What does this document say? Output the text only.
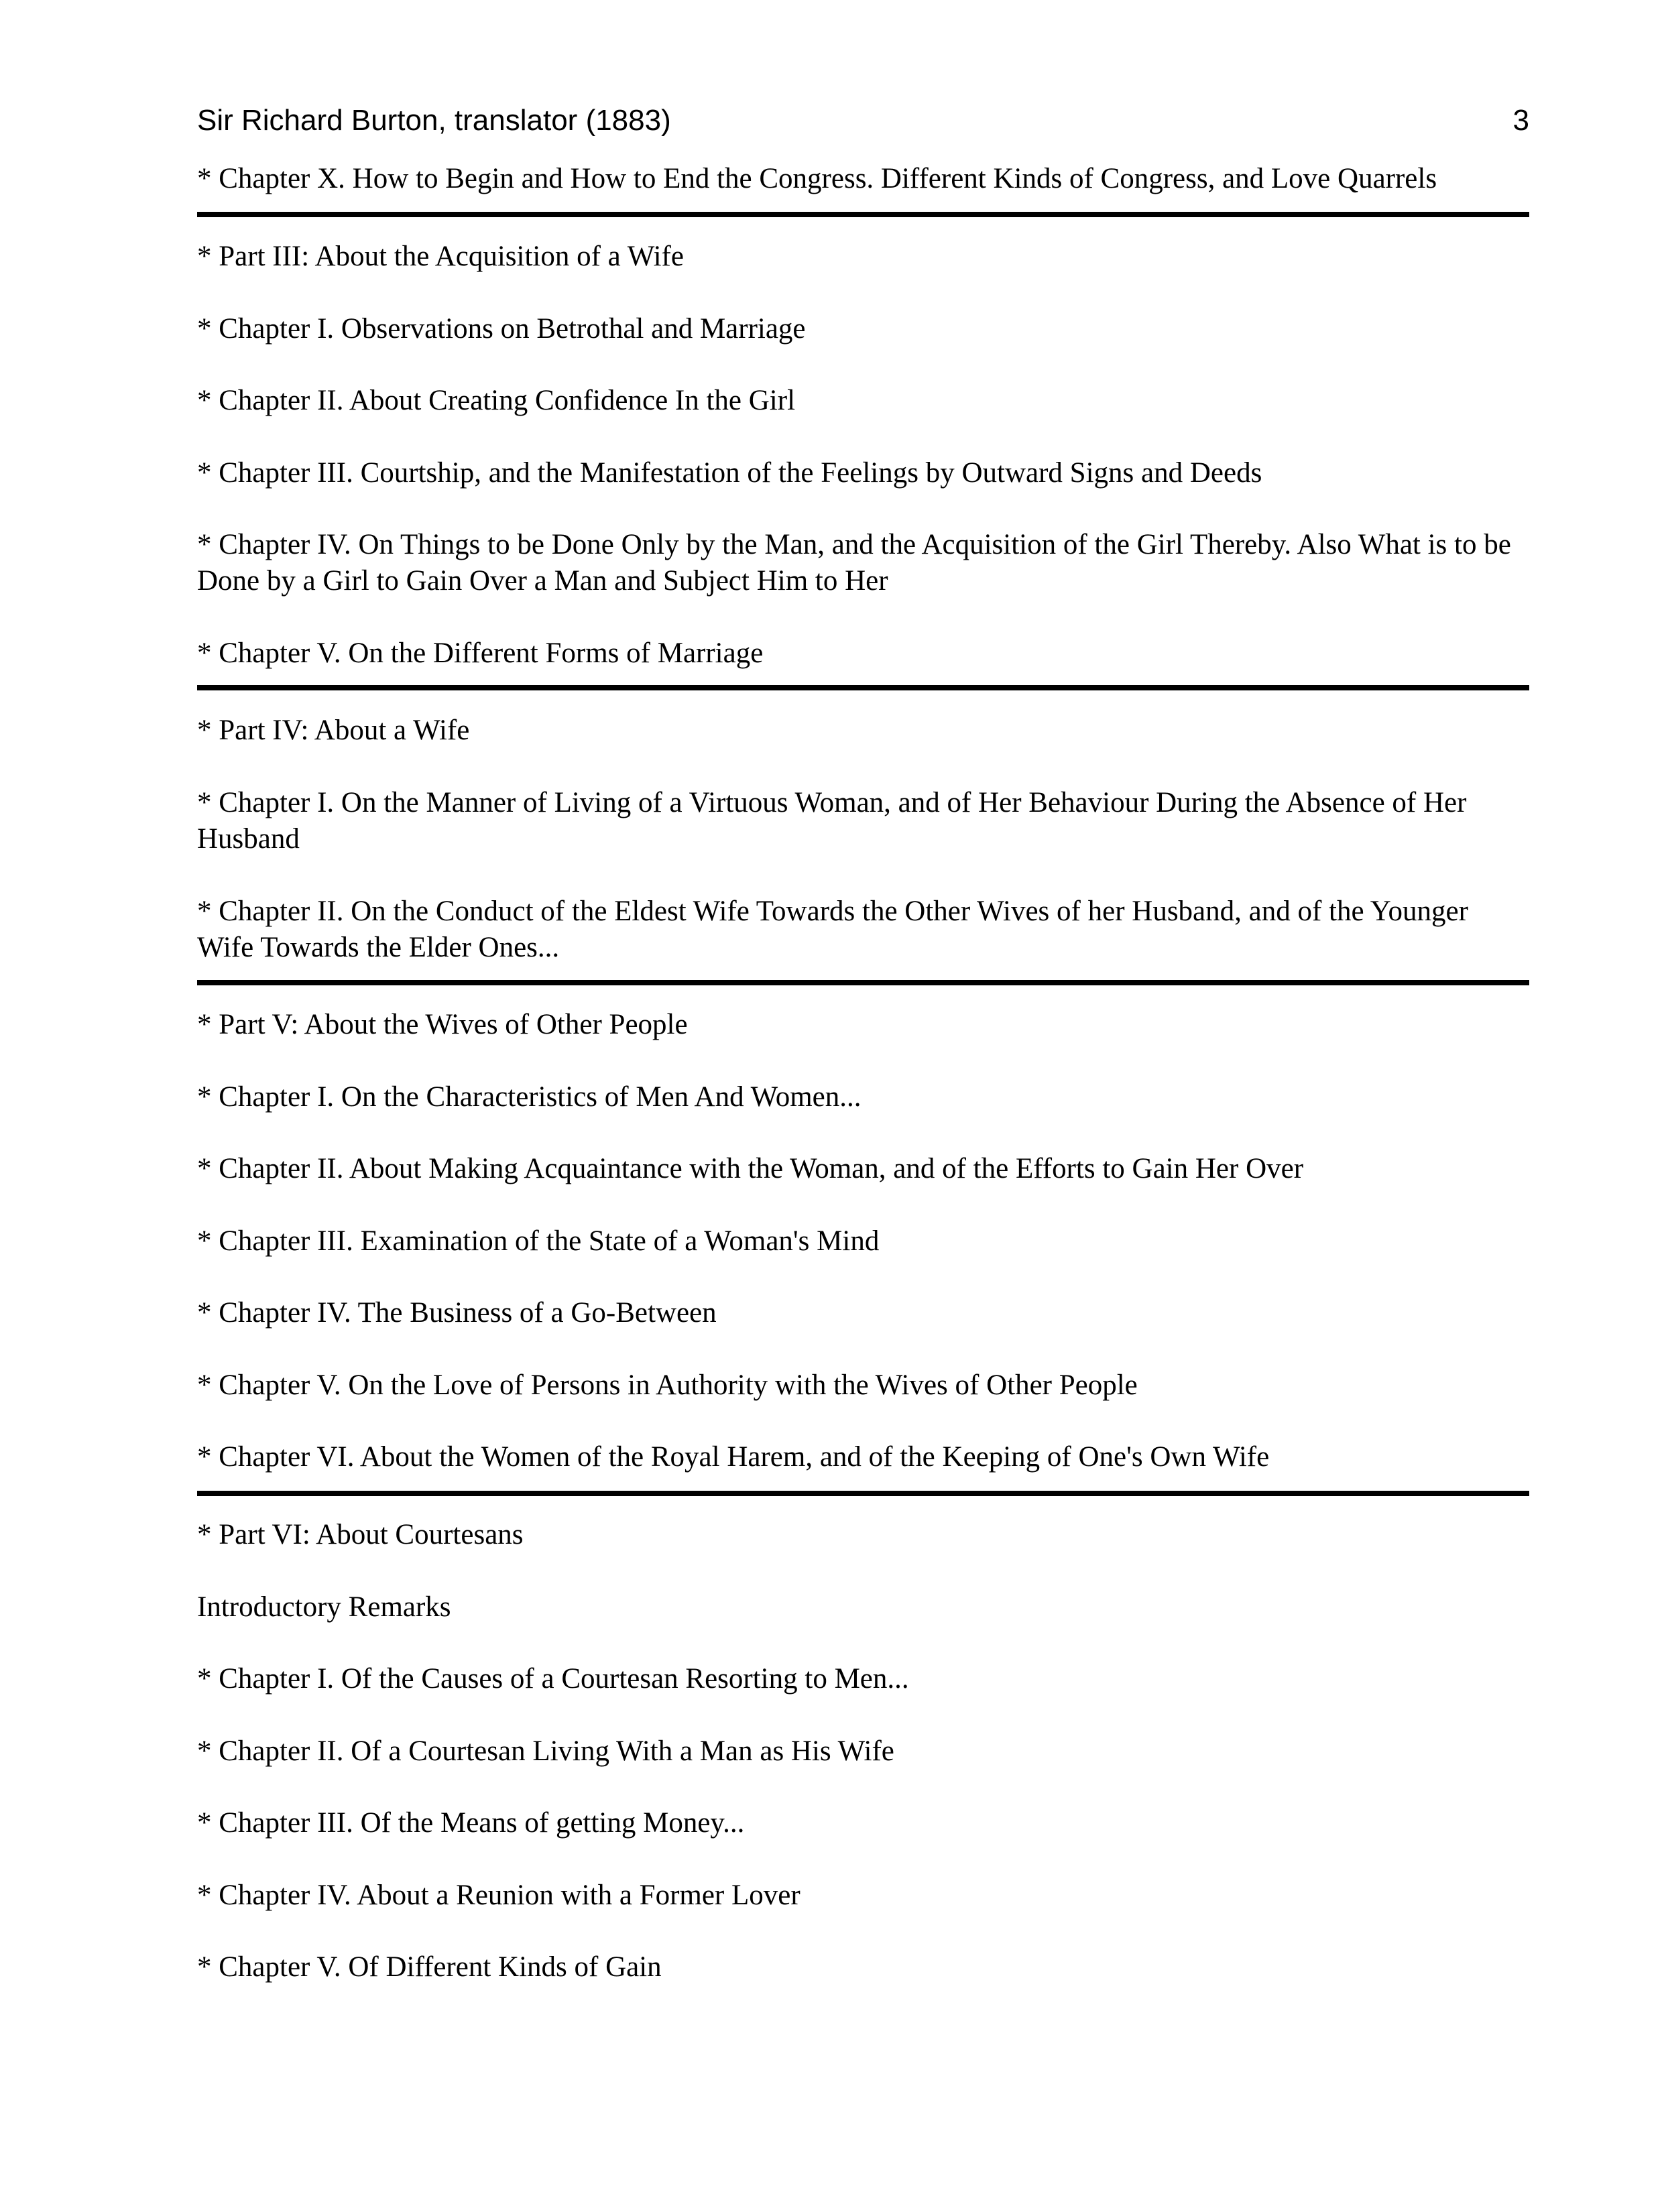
Sir Richard Burton, translator (1883)	3

* Chapter X. How to Begin and How to End the Congress. Different Kinds of Congress, and Love Quarrels

* Part III: About the Acquisition of a Wife

* Chapter I. Observations on Betrothal and Marriage

* Chapter II. About Creating Confidence In the Girl

* Chapter III. Courtship, and the Manifestation of the Feelings by Outward Signs and Deeds

* Chapter IV. On Things to be Done Only by the Man, and the Acquisition of the Girl Thereby. Also What is to be Done by a Girl to Gain Over a Man and Subject Him to Her

* Chapter V. On the Different Forms of Marriage

* Part IV: About a Wife

* Chapter I. On the Manner of Living of a Virtuous Woman, and of Her Behaviour During the Absence of Her Husband

* Chapter II. On the Conduct of the Eldest Wife Towards the Other Wives of her Husband, and of the Younger Wife Towards the Elder Ones...

* Part V: About the Wives of Other People

* Chapter I. On the Characteristics of Men And Women...

* Chapter II. About Making Acquaintance with the Woman, and of the Efforts to Gain Her Over

* Chapter III. Examination of the State of a Woman's Mind

* Chapter IV. The Business of a Go-Between

* Chapter V. On the Love of Persons in Authority with the Wives of Other People

* Chapter VI. About the Women of the Royal Harem, and of the Keeping of One's Own Wife

* Part VI: About Courtesans

Introductory Remarks

* Chapter I. Of the Causes of a Courtesan Resorting to Men...

* Chapter II. Of a Courtesan Living With a Man as His Wife

* Chapter III. Of the Means of getting Money...

* Chapter IV. About a Reunion with a Former Lover

* Chapter V. Of Different Kinds of Gain
